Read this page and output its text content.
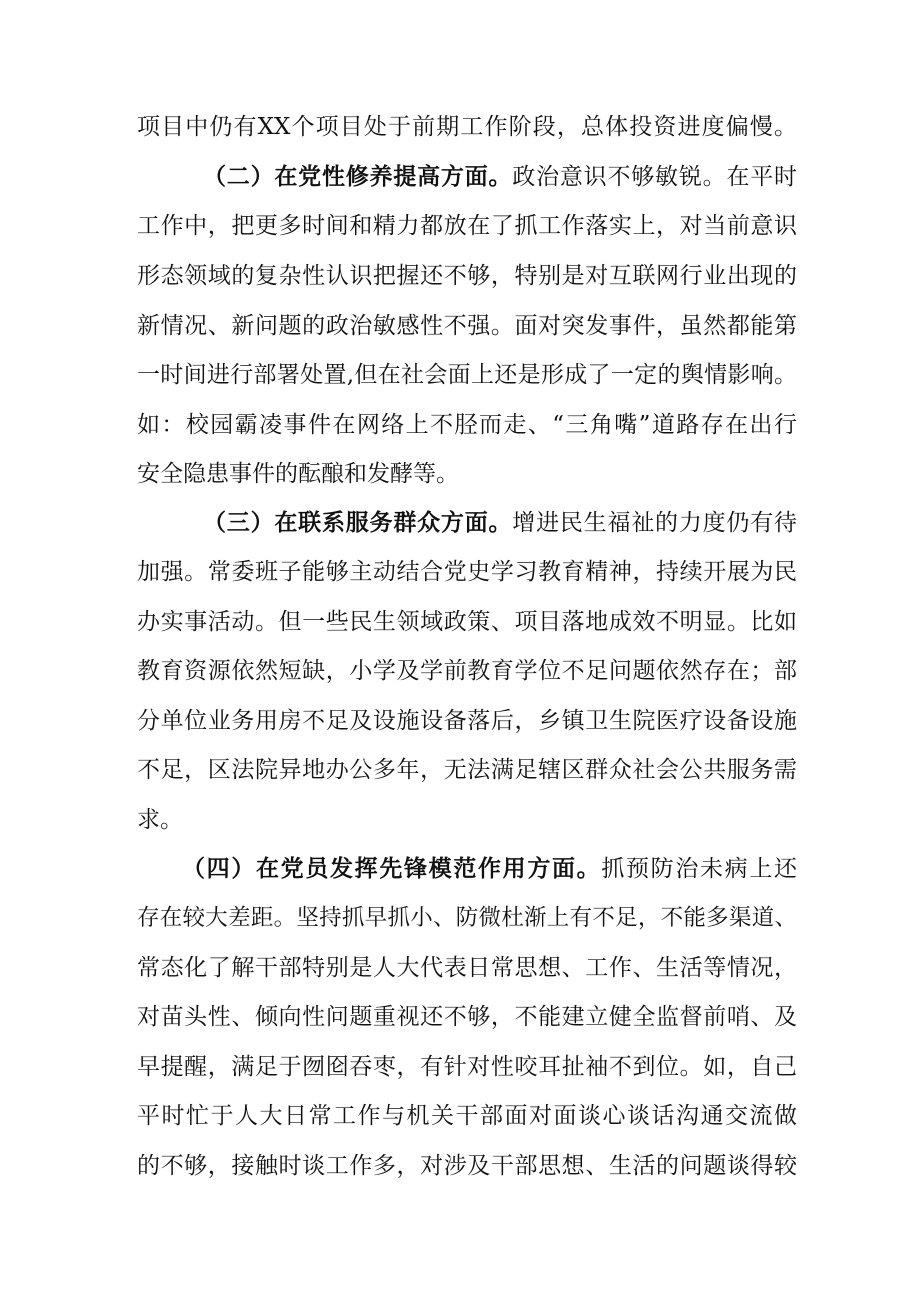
项目中仍有XX个项目处于前期工作阶段，总体投资进度偏慢。
（二）在党性修养提高方面。政治意识不够敏锐。在平时
工作中，把更多时间和精力都放在了抓工作落实上，对当前意识
形态领域的复杂性认识把握还不够，特别是对互联网行业出现的
新情况、新问题的政治敏感性不强。面对突发事件，虽然都能第
一时间进行部署处置,但在社会面上还是形成了一定的舆情影响。
如：校园霸凌事件在网络上不胫而走、“三角嘴”道路存在出行
安全隐患事件的酝酿和发酵等。
（三）在联系服务群众方面。增进民生福祉的力度仍有待
加强。常委班子能够主动结合党史学习教育精神，持续开展为民
办实事活动。但一些民生领域政策、项目落地成效不明显。比如
教育资源依然短缺，小学及学前教育学位不足问题依然存在；部
分单位业务用房不足及设施设备落后，乡镇卫生院医疗设备设施
不足，区法院异地办公多年，无法满足辖区群众社会公共服务需
求。
（四）在党员发挥先锋模范作用方面。抓预防治未病上还
存在较大差距。坚持抓早抓小、防微杜渐上有不足，不能多渠道、
常态化了解干部特别是人大代表日常思想、工作、生活等情况，
对苗头性、倾向性问题重视还不够，不能建立健全监督前哨、及
早提醒，满足于囫囵吞枣，有针对性咬耳扯袖不到位。如，自己
平时忙于人大日常工作与机关干部面对面谈心谈话沟通交流做
的不够，接触时谈工作多，对涉及干部思想、生活的问题谈得较
